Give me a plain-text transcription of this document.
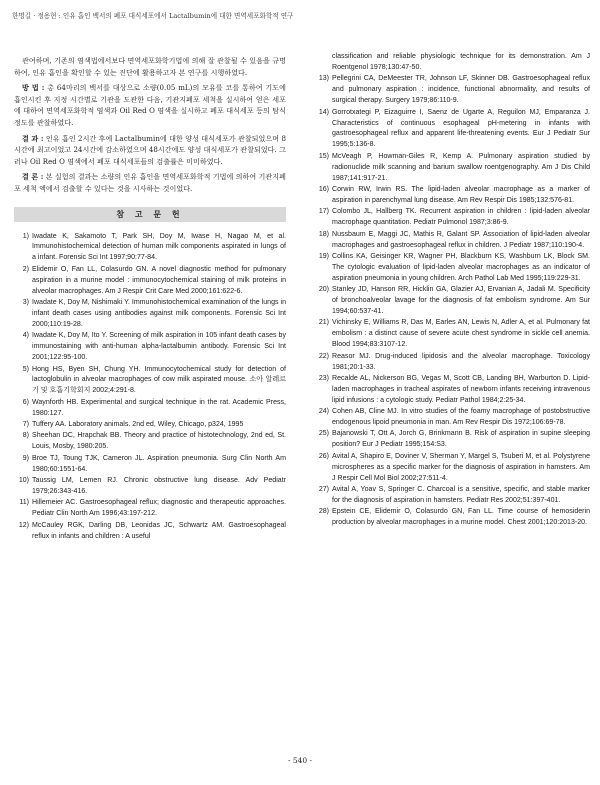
한명길 · 정용현 : 인유 흡인 백서의 폐포 대식세포에서 Lactalbumin에 대한 면역세포화학적 연구

관여하며, 기존의 염색법에서보다 면역세포화학기법에 의해 잘 관찰될 수 있음을 규명하여, 인유 흡인을 확인할 수 있는 진단에 활용하고자 본 연구를 시행하였다.

방 법 : 총 64마리의 백서를 대상으로 소량(0.05 mL)의 모유를 코를 통하여 기도에 흡인시킨 후 지정 시간별로 기관을 도관한 다음, 기관지폐포 세척을 실시하여 얻은 세포에 대하여 면역세포화학적 염색과 Oil Red O 염색을 실시하고 폐포 대식세포 등의 탐식 정도를 관찰하였다.

결 과 : 인유 흡인 2시간 후에 Lactalbumin에 대한 양성 대식세포가 관찰되었으며 8시간에 최고이었고 24시간에 감소하였으며 48시간에도 양성 대식세포가 관찰되었다. 그러나 Oil Red O 염색에서 폐포 대식세포들의 검출률은 미미하였다.

결 론 : 본 실험의 결과는 소량의 인유 흡인을 면역세포화학적 기법에 의하여 기관지폐포 세척 액에서 검출할 수 있다는 것을 시사하는 것이었다.

참 고 문 헌
1) Iwadate K, Sakamoto T, Park SH, Doy M, Iwase H, Nagao M, et al. Immunohistochemical detection of human milk components aspirated in lungs of a infant. Forensic Sci Int 1997;90:77-84.
2) Elidemir O, Fan LL, Colasurdo GN. A novel diagnostic method for pulmonary aspiration in a murine model : immunocytochemical staining of milk proteins in alveolar macrophages. Am J Respir Crit Care Med 2000;161:622-6.
3) Iwadate K, Doy M, Nishimaki Y. Immunohistochemical examination of the lungs in infant death cases using antibodies against milk components. Forensic Sci Int 2000;110:19-28.
4) Iwadate K, Doy M, Ito Y. Screening of milk aspiration in 105 infant death cases by immunostaining with anti-human alpha-lactalbumin antibody. Forensic Sci Int 2001;122:95-100.
5) Hong HS, Byen SH, Chung YH. Immunocytochemical study for detection of lactoglobulin in alveolar macrophages of cow milk aspirated mouse. 소아 알레르기 및 호흡기학회지 2002;4:291-8.
6) Waynforth HB. Experimental and surgical technique in the rat. Academic Press, 1980:127.
7) Tuffery AA. Laboratory animals. 2nd ed, Wiley, Chicago, p324, 1995
8) Sheehan DC, Hrapchak BB. Theory and practice of histotechnology, 2nd ed, St. Louis, Mosby, 1980:205.
9) Broe TJ, Toung TJK, Cameron JL. Aspiration pneumonia. Surg Clin North Am 1980;60:1551-64.
10) Taussig LM, Lemen RJ. Chronic obstructive lung disease. Adv Pediatr 1979;26:343-416.
11) Hillemeier AC. Gastroesophageal reflux; diagnostic and therapeutic approaches. Pediatr Clin North Am 1996;43:197-212.
12) McCauley RGK, Darling DB, Leonidas JC, Schwartz AM. Gastroesophageal reflux in infants and children : A useful
classification and reliable physiologic technique for its demonstration. Am J Roentgenol 1978;130:47-50.
13) Pellegrini CA, DeMeester TR, Johnson LF, Skinner DB. Gastroesophageal reflux and pulmonary aspiration : incidence, functional abnormality, and results of surgical therapy. Surgery 1979;86:110-9.
14) Gorrotxategi P, Eizaguirre I, Saenz de Ugarte A, Reguilon MJ, Emparanza J. Characteristics of continuous esophageal pH-metering in infants with gastroesophageal reflux and apparent life-threatening events. Eur J Pediatr Sur 1995;5:136-8.
15) McVeagh P, Howman-Giles R, Kemp A. Pulmonary aspiration studied by radionuclide milk scanning and barium swallow roentgenography. Am J Dis Child 1987;141:917-21.
16) Corwin RW, Irwin RS. The lipid-laden alveolar macrophage as a marker of aspiration in parenchymal lung disease. Am Rev Respir Dis 1985;132:576-81.
17) Colombo JL, Hallberg TK. Recurrent aspiration in children : lipid-laden alveolar macrophage quantitation. Pediatr Pulmonol 1987;3:86-9.
18) Nussbaum E, Maggi JC, Mathis R, Galant SP. Association of lipid-laden alveolar macrophages and gastroesophageal reflux in children. J Pediatr 1987;110:190-4.
19) Collins KA, Geisinger KR, Wagner PH, Blackburn KS, Washburn LK, Block SM. The cytologic evaluation of lipid-laden alveolar macrophages as an indicator of aspiration pneumonia in young children. Arch Pathol Lab Med 1995;119:229-31.
20) Stanley JD, Hanson RR, Hicklin GA, Glazier AJ, Ervanian A, Jadali M. Specificity of bronchoalveolar lavage for the diagnosis of fat embolism syndrome. Am Sur 1994;60:537-41.
21) Vichinsky E, Williams R, Das M, Earles AN, Lewis N, Adler A, et al. Pulmonary fat embolism : a distinct cause of severe acute chest syndrome in sickle cell anemia. Blood 1994;83:3107-12.
22) Reasor MJ. Drug-induced lipidosis and the alveolar macrophage. Toxicology 1981;20:1-33.
23) Recalde AL, Nickerson BG, Vegas M, Scott CB, Landing BH, Warburton D. Lipid-laden macrophages in tracheal aspirates of newborn infants receiving intravenous lipid infusions : a cytologic study. Pediatr Pathol 1984;2:25-34.
24) Cohen AB, Cline MJ. In vitro studies of the foamy macrophage of postobstructive endogenous lipoid pneumonia in man. Am Rev Respir Dis 1972;106:69-78.
25) Bajanowski T, Ott A, Jorch G, Brinkmann B. Risk of aspiration in supine sleeping position? Eur J Pediatr 1995;154:S3.
26) Avital A, Shapiro E, Doviner V, Sherman Y, Margel S, Tsuberi M, et al. Polystyrene microspheres as a specific marker for the diagnosis of aspiration in hamsters. Am J Respir Cell Mol Biol 2002;27:511-4.
27) Avital A, Yoav S, Springer C. Charcoal is a sensitive, specific, and stable marker for the diagnosis of aspiration in hamsters. Pediatr Res 2002;51:397-401.
28) Epstein CE, Elidemir O, Colasurdo GN, Fan LL. Time course of hemosiderin production by alveolar macrophages in a murine model. Chest 2001;120:2013-20.
- 540 -
